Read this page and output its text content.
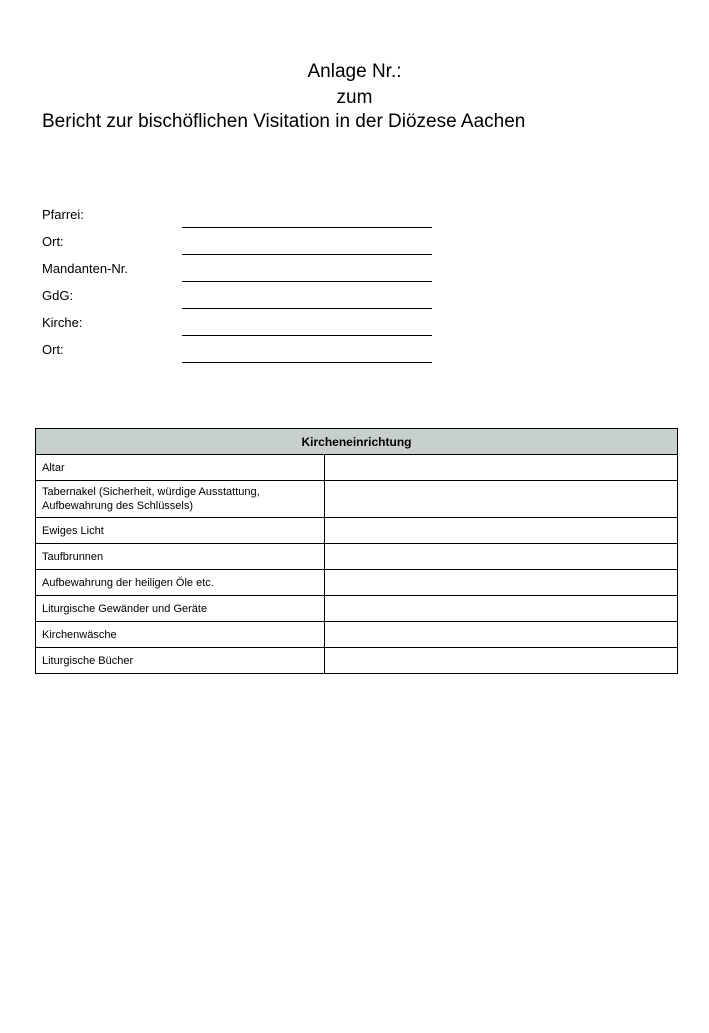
Anlage Nr.:
zum
Bericht zur bischöflichen Visitation in der Diözese Aachen
Pfarrei:
Ort:
Mandanten-Nr.
GdG:
Kirche:
Ort:
Kircheneinrichtung	
Altar	
Tabernakel (Sicherheit, würdige Ausstattung, Aufbewahrung des Schlüssels)	
Ewiges Licht	
Taufbrunnen	
Aufbewahrung der heiligen Öle etc.	
Liturgische Gewänder und Geräte	
Kirchenwäsche	
Liturgische Bücher	
